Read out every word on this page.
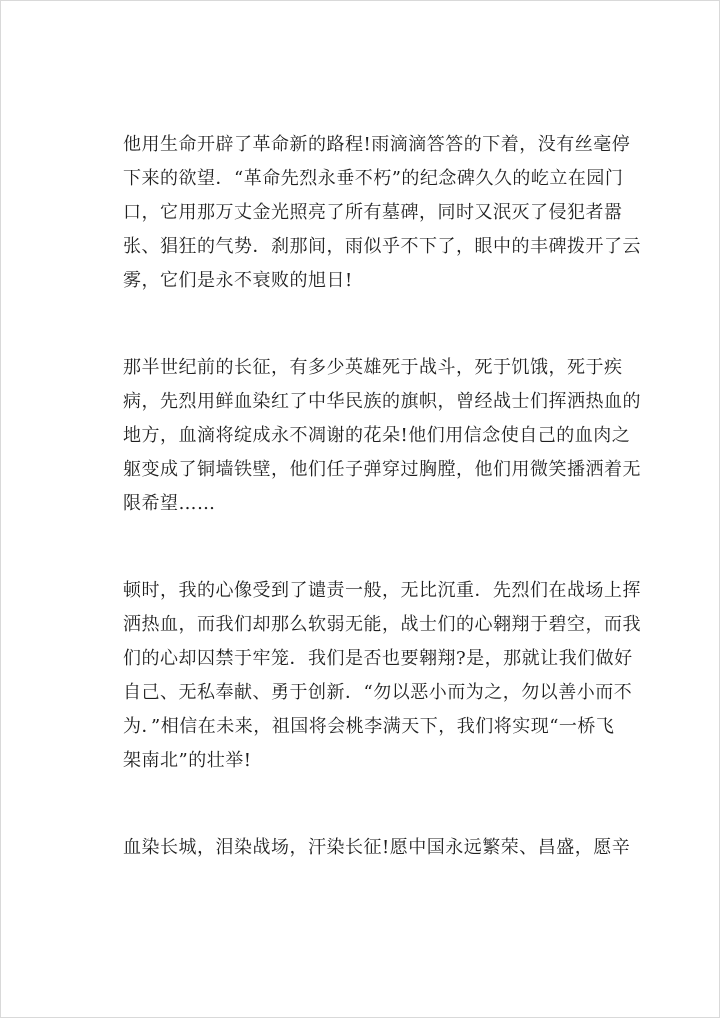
他用生命开辟了革命新的路程!雨滴滴答答的下着，没有丝毫停
下来的欲望．“革命先烈永垂不朽”的纪念碑久久的屹立在园门
口，它用那万丈金光照亮了所有墓碑，同时又泯灭了侵犯者嚣
张、猖狂的气势．刹那间，雨似乎不下了，眼中的丰碑拨开了云
雾，它们是永不衰败的旭日!

那半世纪前的长征，有多少英雄死于战斗，死于饥饿，死于疾
病，先烈用鲜血染红了中华民族的旗帜，曾经战士们挥洒热血的
地方，血滴将绽成永不凋谢的花朵!他们用信念使自己的血肉之
躯变成了铜墙铁壁，他们任子弹穿过胸膛，他们用微笑播洒着无
限希望……

顿时，我的心像受到了谴责一般，无比沉重．先烈们在战场上挥
洒热血，而我们却那么软弱无能，战士们的心翱翔于碧空，而我
们的心却囚禁于牢笼．我们是否也要翱翔?是，那就让我们做好
自己、无私奉献、勇于创新．“勿以恶小而为之，勿以善小而不
为．”相信在未来，祖国将会桃李满天下，我们将实现“一桥飞
架南北”的壮举!

血染长城，泪染战场，汗染长征!愿中国永远繁荣、昌盛，愿辛
